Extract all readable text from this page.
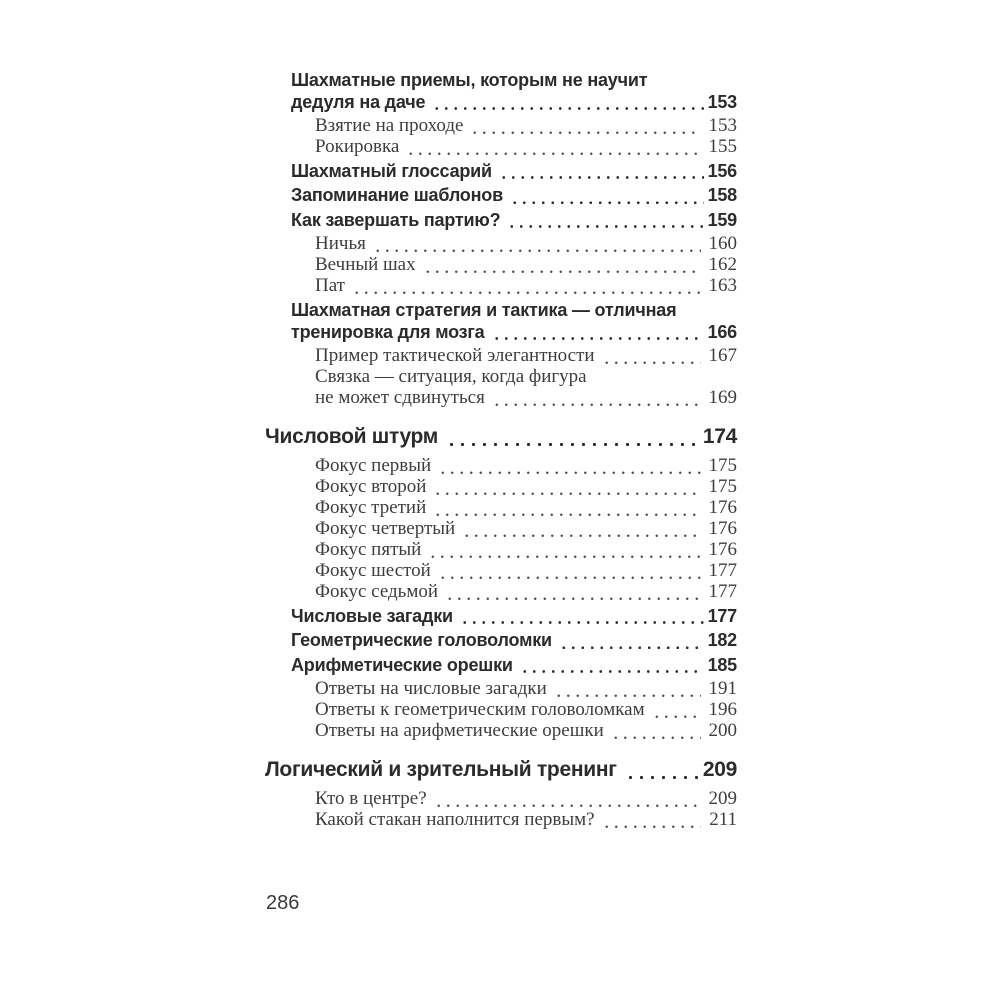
Шахматные приемы, которым не научит
дедуля на даче	153
Взятие на проходе	153
Рокировка	155
Шахматный глоссарий	156
Запоминание шаблонов	158
Как завершать партию?	159
Ничья	160
Вечный шах	162
Пат	163
Шахматная стратегия и тактика — отличная
тренировка для мозга	166
Пример тактической элегантности	167
Связка — ситуация, когда фигура
не может сдвинуться	169
Числовой штурм	174
Фокус первый	175
Фокус второй	175
Фокус третий	176
Фокус четвертый	176
Фокус пятый	176
Фокус шестой	177
Фокус седьмой	177
Числовые загадки	177
Геометрические головоломки	182
Арифметические орешки	185
Ответы на числовые загадки	191
Ответы к геометрическим головоломкам	196
Ответы на арифметические орешки	200
Логический и зрительный тренинг	209
Кто в центре?	209
Какой стакан наполнится первым?	211
286
